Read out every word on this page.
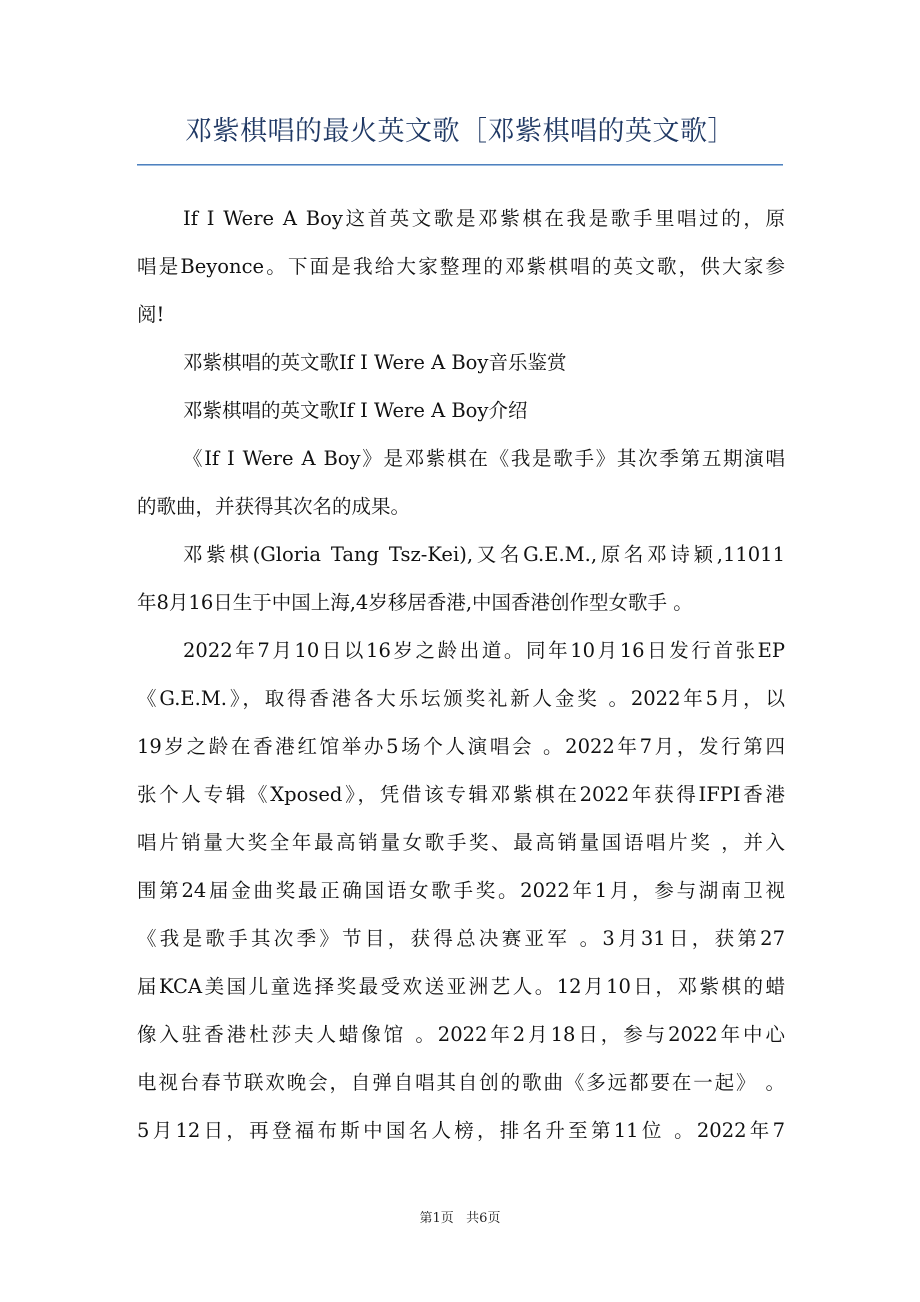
邓紫棋唱的最火英文歌［邓紫棋唱的英文歌］
If I Were A Boy这首英文歌是邓紫棋在我是歌手里唱过的，原
唱是Beyonce。下面是我给大家整理的邓紫棋唱的英文歌，供大家参
阅!
邓紫棋唱的英文歌If I Were A Boy音乐鉴赏
邓紫棋唱的英文歌If I Were A Boy介绍
《If I Were A Boy》是邓紫棋在《我是歌手》其次季第五期演唱
的歌曲，并获得其次名的成果。
邓紫棋(Gloria Tang Tsz-Kei),又名G.E.M.,原名邓诗颖,11011
年8月16日生于中国上海,4岁移居香港,中国香港创作型女歌手 。
2022年7月10日以16岁之龄出道。同年10月16日发行首张EP
《G.E.M.》，取得香港各大乐坛颁奖礼新人金奖 。2022年5月，以
19岁之龄在香港红馆举办5场个人演唱会 。2022年7月，发行第四
张个人专辑《Xposed》，凭借该专辑邓紫棋在2022年获得IFPI香港
唱片销量大奖全年最高销量女歌手奖、最高销量国语唱片奖 ，并入
围第24届金曲奖最正确国语女歌手奖。2022年1月，参与湖南卫视
《我是歌手其次季》节目，获得总决赛亚军 。3月31日，获第27
届KCA美国儿童选择奖最受欢送亚洲艺人。12月10日，邓紫棋的蜡
像入驻香港杜莎夫人蜡像馆 。2022年2月18日，参与2022年中心
电视台春节联欢晚会，自弹自唱其自创的歌曲《多远都要在一起》 。
5月12日，再登福布斯中国名人榜，排名升至第11位 。2022年7
第1页   共6页
